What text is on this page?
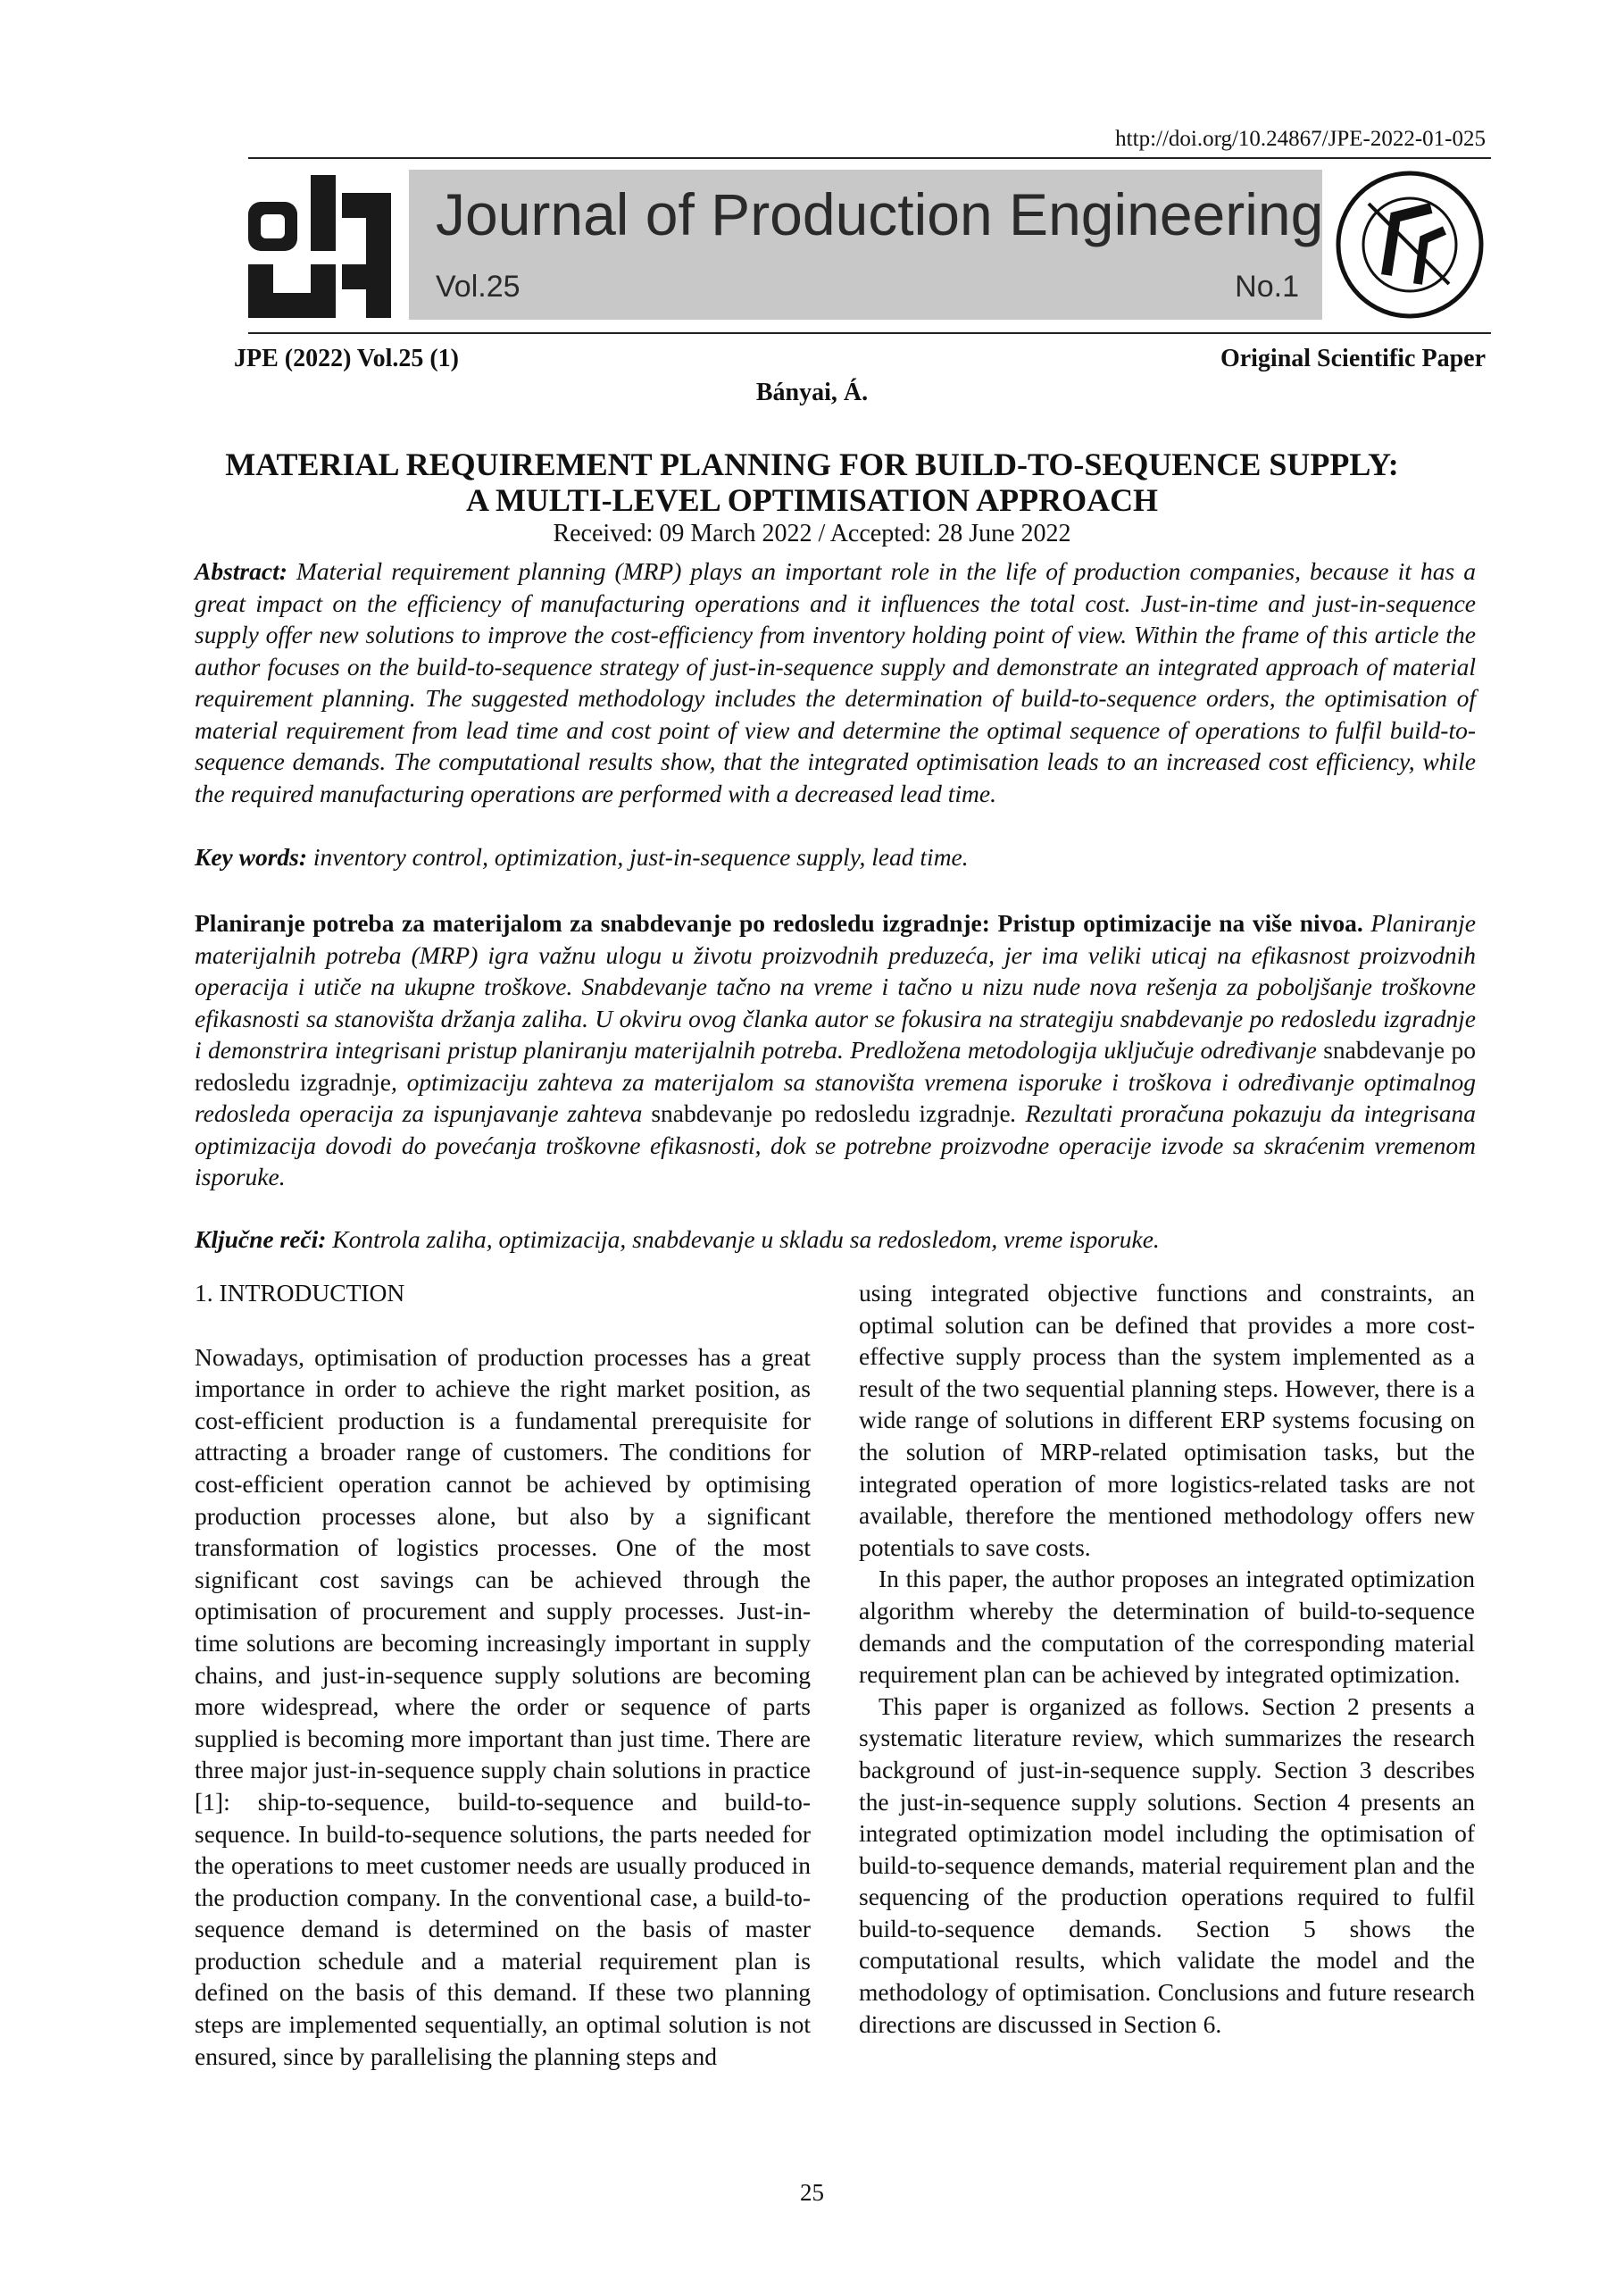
http://doi.org/10.24867/JPE-2022-01-025
Journal of Production Engineering
Vol.25	No.1
JPE (2022) Vol.25 (1)	Original Scientific Paper
Bányai, Á.
MATERIAL REQUIREMENT PLANNING FOR BUILD-TO-SEQUENCE SUPPLY:
A MULTI-LEVEL OPTIMISATION APPROACH
Received: 09 March 2022 / Accepted: 28 June 2022
Abstract: Material requirement planning (MRP) plays an important role in the life of production companies, because it has a great impact on the efficiency of manufacturing operations and it influences the total cost. Just-in-time and just-in-sequence supply offer new solutions to improve the cost-efficiency from inventory holding point of view. Within the frame of this article the author focuses on the build-to-sequence strategy of just-in-sequence supply and demonstrate an integrated approach of material requirement planning. The suggested methodology includes the determination of build-to-sequence orders, the optimisation of material requirement from lead time and cost point of view and determine the optimal sequence of operations to fulfil build-to-sequence demands. The computational results show, that the integrated optimisation leads to an increased cost efficiency, while the required manufacturing operations are performed with a decreased lead time.
Key words: inventory control, optimization, just-in-sequence supply, lead time.
Planiranje potreba za materijalom za snabdevanje po redosledu izgradnje: Pristup optimizacije na više nivoa. Planiranje materijalnih potreba (MRP) igra važnu ulogu u životu proizvodnih preduzeća, jer ima veliki uticaj na efikasnost proizvodnih operacija i utiče na ukupne troškove. Snabdevanje tačno na vreme i tačno u nizu nude nova rešenja za poboljšanje troškovne efikasnosti sa stanovišta držanja zaliha. U okviru ovog članka autor se fokusira na strategiju snabdevanje po redosledu izgradnje i demonstrira integrisani pristup planiranju materijalnih potreba. Predložena metodologija uključuje određivanje snabdevanje po redosledu izgradnje, optimizaciju zahteva za materijalom sa stanovišta vremena isporuke i troškova i određivanje optimalnog redosleda operacija za ispunjavanje zahteva snabdevanje po redosledu izgradnje. Rezultati proračuna pokazuju da integrisana optimizacija dovodi do povećanja troškovne efikasnosti, dok se potrebne proizvodne operacije izvode sa skraćenim vremenom isporuke.
Ključne reči: Kontrola zaliha, optimizacija, snabdevanje u skladu sa redosledom, vreme isporuke.

1. INTRODUCTION

Nowadays, optimisation of production processes has a great importance in order to achieve the right market position, as cost-efficient production is a fundamental prerequisite for attracting a broader range of customers. The conditions for cost-efficient operation cannot be achieved by optimising production processes alone, but also by a significant transformation of logistics processes. One of the most significant cost savings can be achieved through the optimisation of procurement and supply processes. Just-in-time solutions are becoming increasingly important in supply chains, and just-in-sequence supply solutions are becoming more widespread, where the order or sequence of parts supplied is becoming more important than just time. There are three major just-in-sequence supply chain solutions in practice [1]: ship-to-sequence, build-to-sequence and build-to-sequence. In build-to-sequence solutions, the parts needed for the operations to meet customer needs are usually produced in the production company. In the conventional case, a build-to-sequence demand is determined on the basis of master production schedule and a material requirement plan is defined on the basis of this demand. If these two planning steps are implemented sequentially, an optimal solution is not ensured, since by parallelising the planning steps and

using integrated objective functions and constraints, an optimal solution can be defined that provides a more cost-effective supply process than the system implemented as a result of the two sequential planning steps. However, there is a wide range of solutions in different ERP systems focusing on the solution of MRP-related optimisation tasks, but the integrated operation of more logistics-related tasks are not available, therefore the mentioned methodology offers new potentials to save costs.

In this paper, the author proposes an integrated optimization algorithm whereby the determination of build-to-sequence demands and the computation of the corresponding material requirement plan can be achieved by integrated optimization.

This paper is organized as follows. Section 2 presents a systematic literature review, which summarizes the research background of just-in-sequence supply. Section 3 describes the just-in-sequence supply solutions. Section 4 presents an integrated optimization model including the optimisation of build-to-sequence demands, material requirement plan and the sequencing of the production operations required to fulfil build-to-sequence demands. Section 5 shows the computational results, which validate the model and the methodology of optimisation. Conclusions and future research directions are discussed in Section 6.

25
